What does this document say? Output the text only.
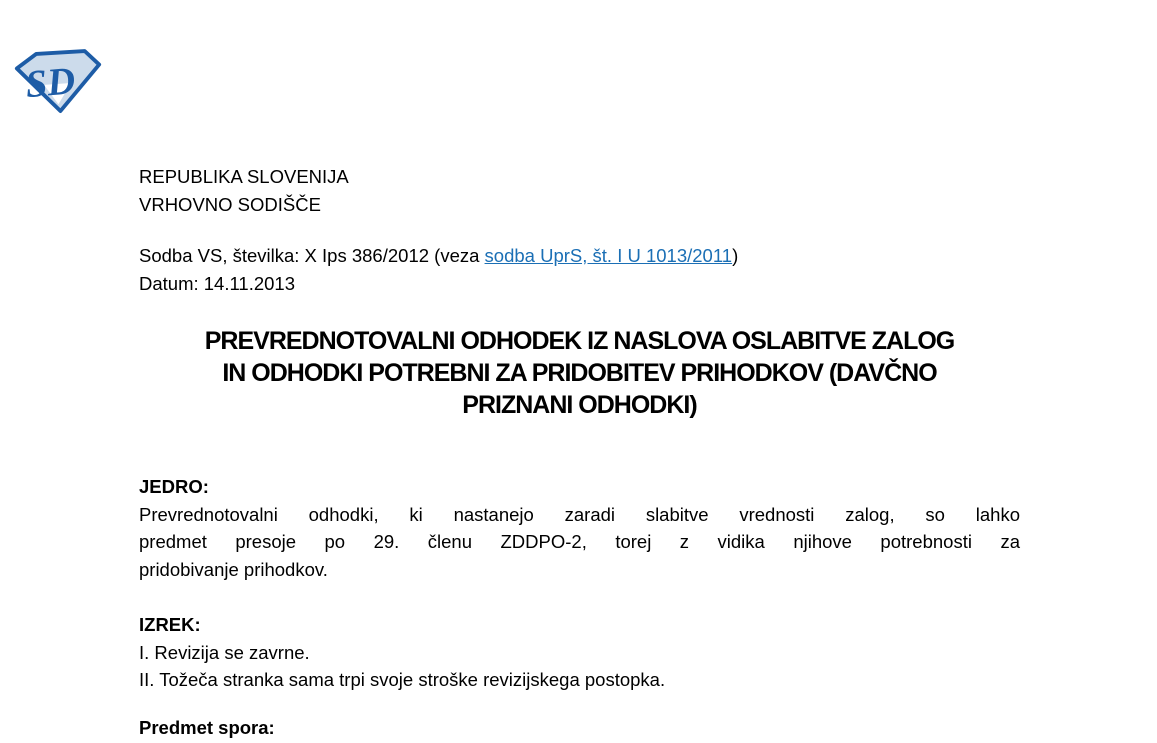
SD
REPUBLIKA SLOVENIJA
VRHOVNO SODIŠČE
Sodba VS, številka: X Ips 386/2012 (veza sodba UprS, št. I U 1013/2011)
Datum: 14.11.2013
PREVREDNOTOVALNI ODHODEK IZ NASLOVA OSLABITVE ZALOG
IN ODHODKI POTREBNI ZA PRIDOBITEV PRIHODKOV (DAVČNO
PRIZNANI ODHODKI)
JEDRO:
Prevrednotovalni odhodki, ki nastanejo zaradi slabitve vrednosti zalog, so lahko
predmet presoje po 29. členu ZDDPO-2, torej z vidika njihove potrebnosti za
pridobivanje prihodkov.
IZREK:
I. Revizija se zavrne.
II. Tožeča stranka sama trpi svoje stroške revizijskega postopka.
Predmet spora:
